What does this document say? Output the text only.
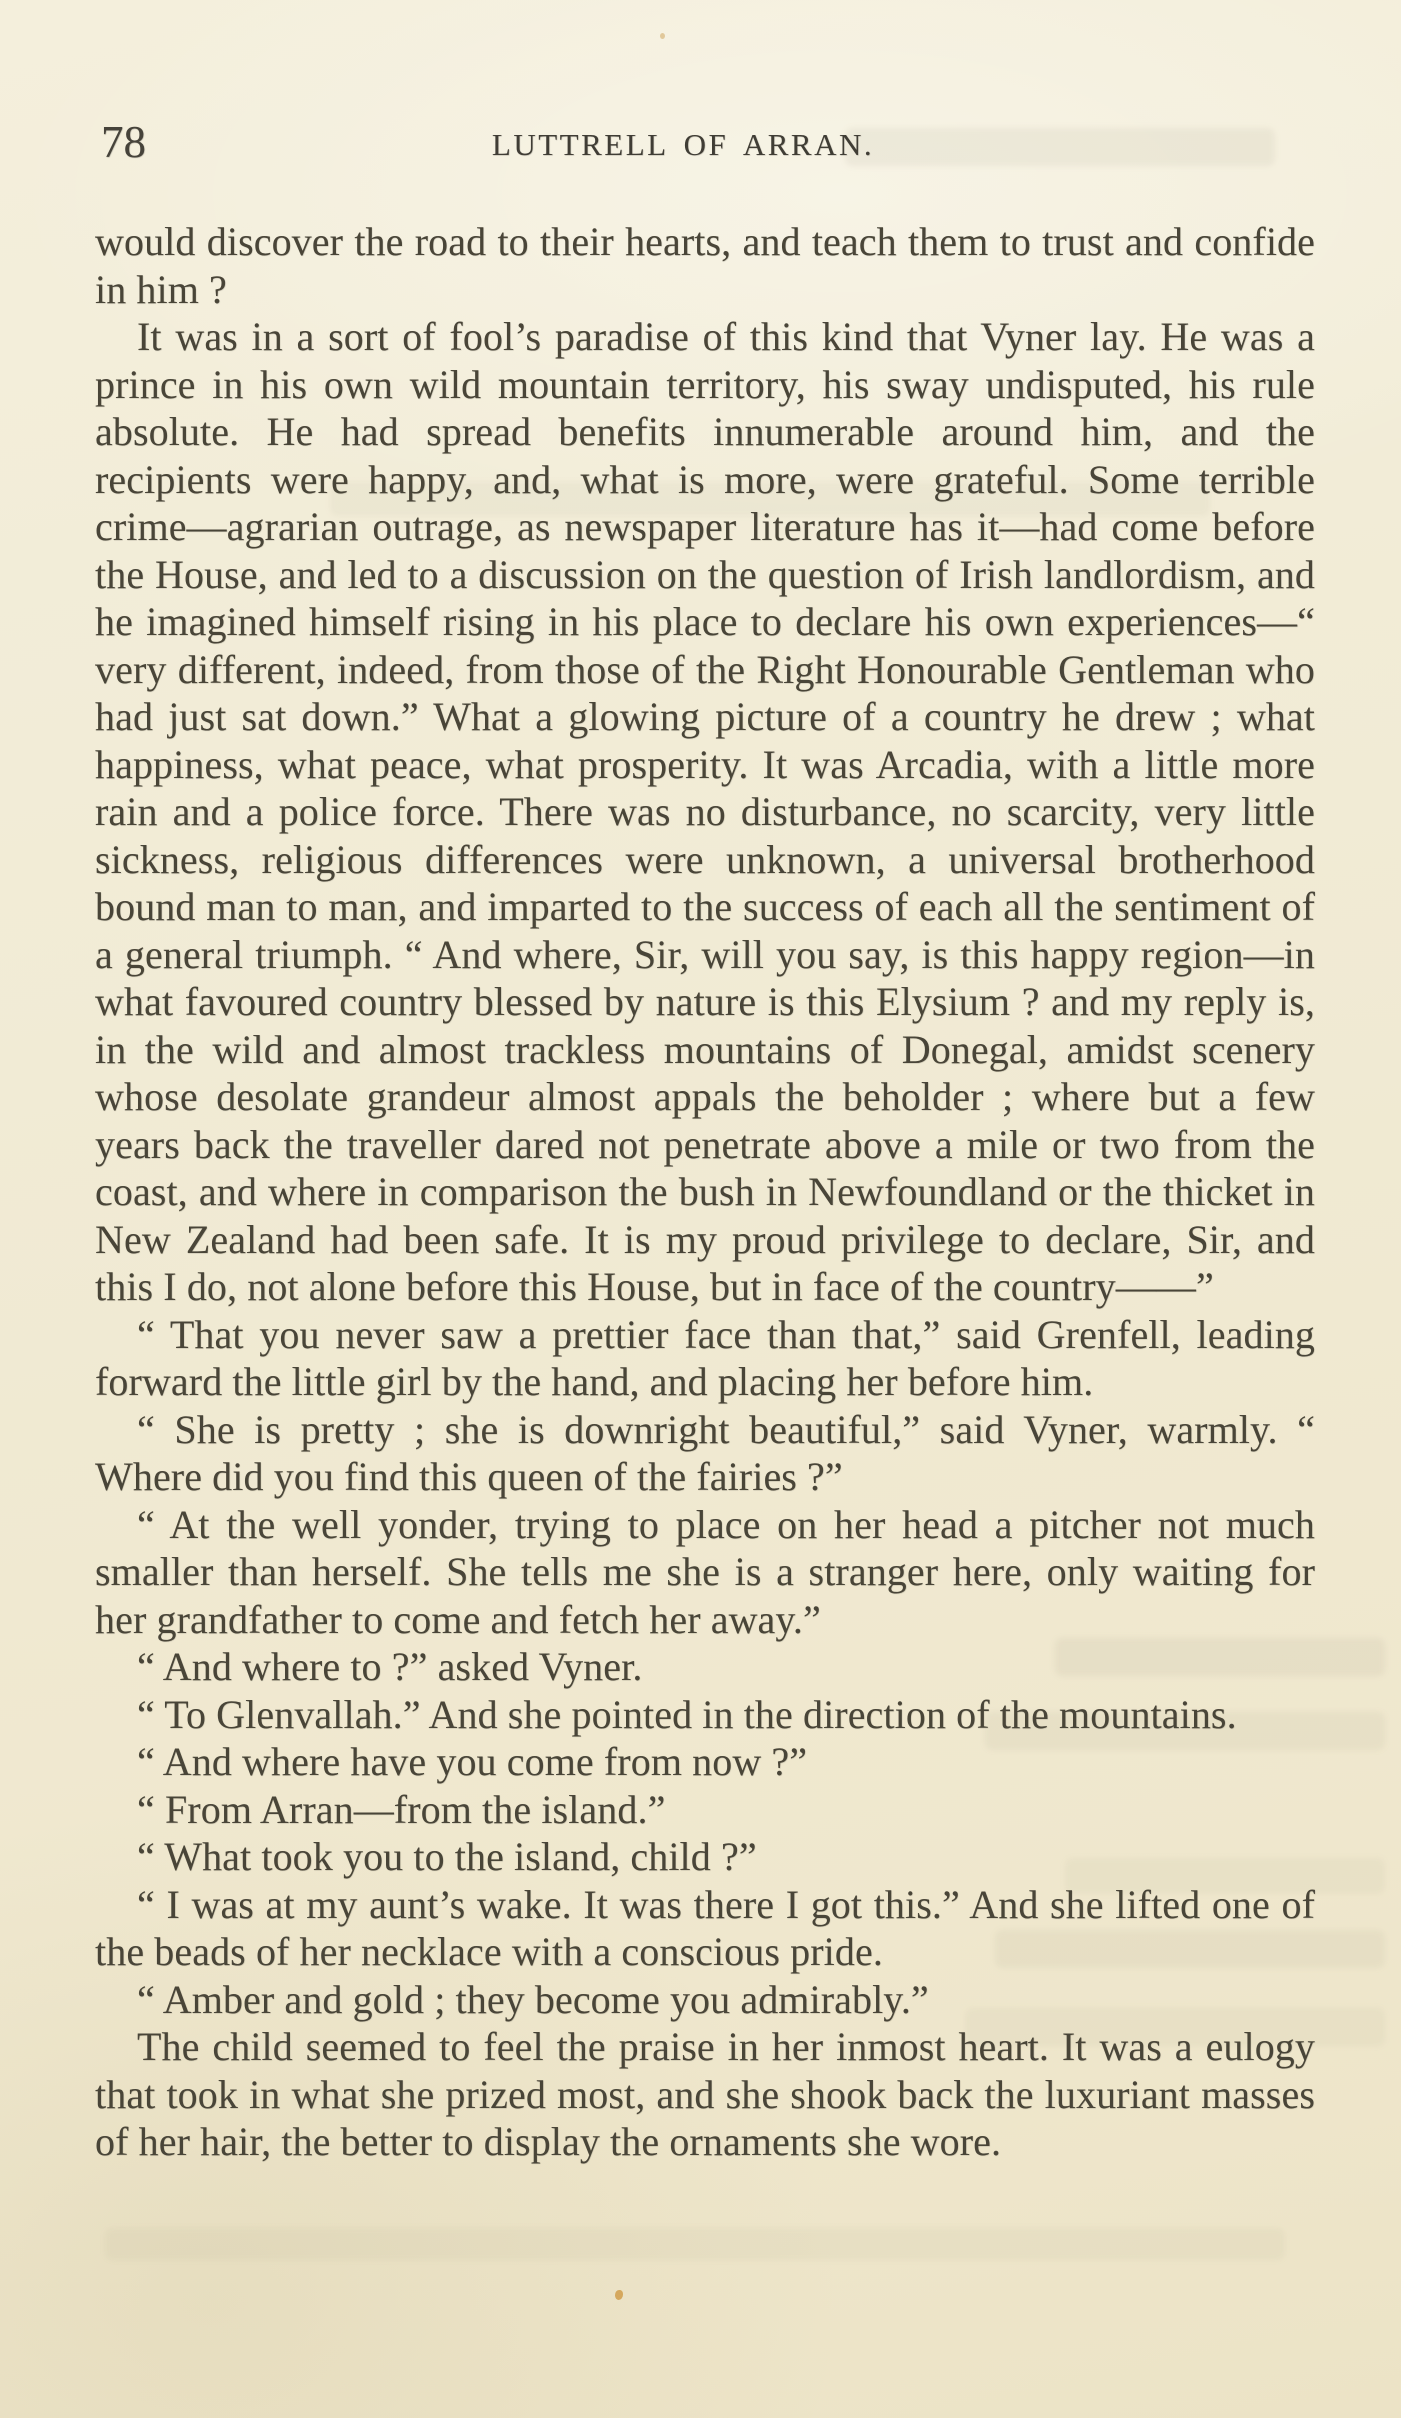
78	LUTTRELL OF ARRAN.

would discover the road to their hearts, and teach them to trust and confide in him ?

It was in a sort of fool’s paradise of this kind that Vyner lay. He was a prince in his own wild mountain territory, his sway undisputed, his rule absolute. He had spread benefits innumerable around him, and the recipients were happy, and, what is more, were grateful. Some terrible crime—agrarian outrage, as newspaper literature has it—had come before the House, and led to a discussion on the question of Irish landlordism, and he imagined himself rising in his place to declare his own experiences—“ very different, indeed, from those of the Right Honourable Gentleman who had just sat down.” What a glowing picture of a country he drew ; what happiness, what peace, what prosperity. It was Arcadia, with a little more rain and a police force. There was no disturbance, no scarcity, very little sickness, religious differences were unknown, a universal brotherhood bound man to man, and imparted to the success of each all the sentiment of a general triumph. “ And where, Sir, will you say, is this happy region—in what favoured country blessed by nature is this Elysium ? and my reply is, in the wild and almost trackless mountains of Donegal, amidst scenery whose desolate grandeur almost appals the beholder ; where but a few years back the traveller dared not penetrate above a mile or two from the coast, and where in comparison the bush in Newfoundland or the thicket in New Zealand had been safe. It is my proud privilege to declare, Sir, and this I do, not alone before this House, but in face of the country——”

“ That you never saw a prettier face than that,” said Grenfell, leading forward the little girl by the hand, and placing her before him.

“ She is pretty ; she is downright beautiful,” said Vyner, warmly. “ Where did you find this queen of the fairies ?”

“ At the well yonder, trying to place on her head a pitcher not much smaller than herself. She tells me she is a stranger here, only waiting for her grandfather to come and fetch her away.”

“ And where to ?” asked Vyner.

“ To Glenvallah.” And she pointed in the direction of the mountains.

“ And where have you come from now ?”

“ From Arran—from the island.”

“ What took you to the island, child ?”

“ I was at my aunt’s wake. It was there I got this.” And she lifted one of the beads of her necklace with a conscious pride.

“ Amber and gold ; they become you admirably.”

The child seemed to feel the praise in her inmost heart. It was a eulogy that took in what she prized most, and she shook back the luxuriant masses of her hair, the better to display the ornaments she wore.
